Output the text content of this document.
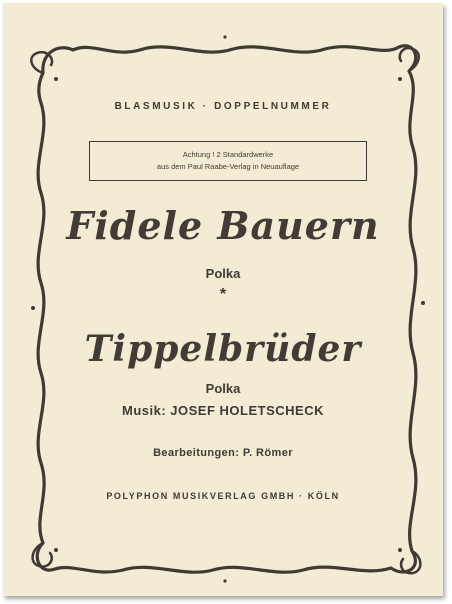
BLASMUSIK · DOPPELNUMMER
Achtung ! 2 Standardwerke
aus dem Paul Raabe-Verlag in Neuauflage
Fidele Bauern
Polka
*
Tippelbrüder
Polka
Musik: JOSEF HOLETSCHECK
Bearbeitungen: P. Römer
POLYPHON MUSIKVERLAG GMBH · KÖLN
